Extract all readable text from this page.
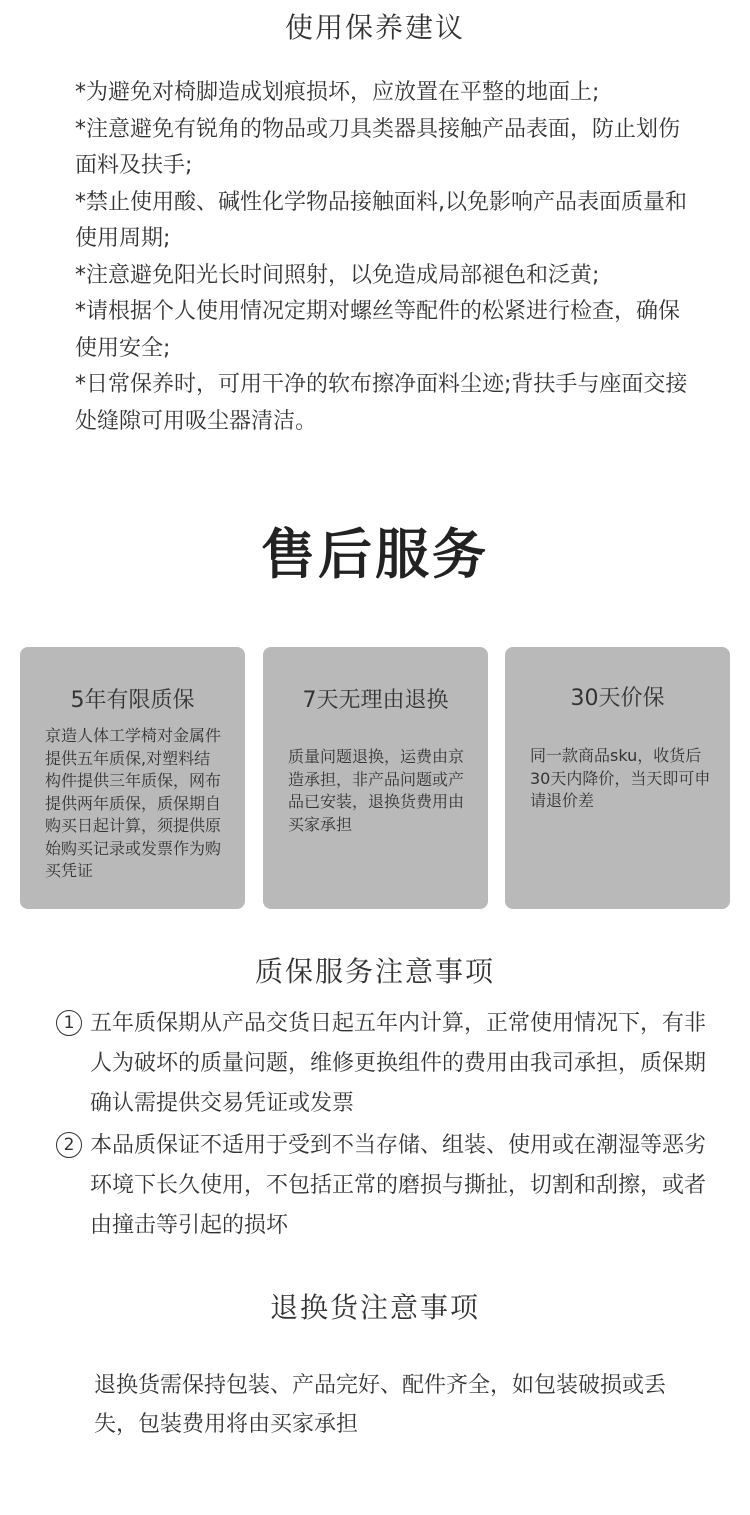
使用保养建议

*为避免对椅脚造成划痕损坏，应放置在平整的地面上;

*注意避免有锐角的物品或刀具类器具接触产品表面，防止划伤面料及扶手;

*禁止使用酸、碱性化学物品接触面料,以免影响产品表面质量和使用周期;

*注意避免阳光长时间照射，以免造成局部褪色和泛黄;

*请根据个人使用情况定期对螺丝等配件的松紧进行检查，确保使用安全;

*日常保养时，可用干净的软布擦净面料尘迹;背扶手与座面交接处缝隙可用吸尘器清洁。

售后服务
5年有限质保
京造人体工学椅对金属件提供五年质保,对塑料结构件提供三年质保，网布提供两年质保，质保期自购买日起计算，须提供原始购买记录或发票作为购买凭证
7天无理由退换
质量问题退换，运费由京造承担，非产品问题或产品已安装，退换货费用由买家承担
30天价保
同一款商品sku，收货后30天内降价，当天即可申请退价差
质保服务注意事项
1 五年质保期从产品交货日起五年内计算，正常使用情况下，有非人为破坏的质量问题，维修更换组件的费用由我司承担，质保期确认需提供交易凭证或发票
2 本品质保证不适用于受到不当存储、组装、使用或在潮湿等恶劣环境下长久使用，不包括正常的磨损与撕扯，切割和刮擦，或者由撞击等引起的损坏
退换货注意事项

退换货需保持包装、产品完好、配件齐全，如包装破损或丢失，包装费用将由买家承担
